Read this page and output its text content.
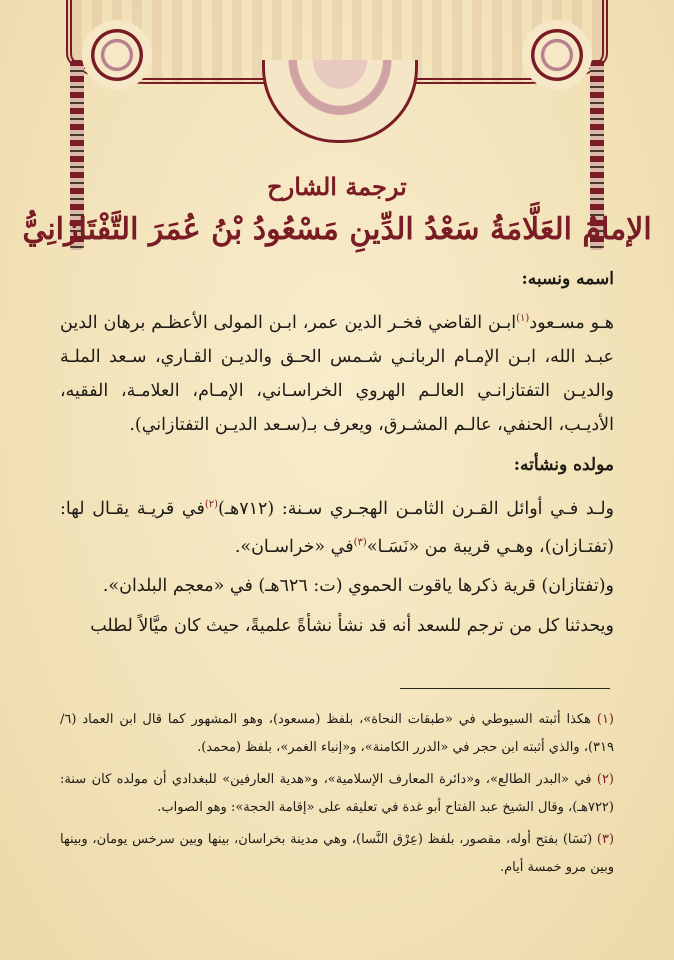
ترجمة الشارح
الإمامُ العَلَّامَةُ سَعْدُ الدِّينِ مَسْعُودُ بْنُ عُمَرَ التَّفْتَازَانِيُّ
اسمه ونسبه:

هـو مسـعود$^{(١)}$ابـن القاضي فخـر الدين عمر، ابـن المولى الأعظـم برهان الدين عبـد الله، ابـن الإمـام الربانـي شـمس الحـق والديـن القـاري، سـعد الملـة والديـن التفتازانـي العالـم الهروي الخراسـاني، الإمـام، العلامـة، الفقيه، الأديـب، الحنفي، عالـم المشـرق، ويعرف بـ(سـعد الديـن التفتازاني).

مولده ونشأته:

ولـد فـي أوائل القـرن الثامـن الهجـري سـنة: (٧١٢هـ)$^{(٢)}$في قريـة يقـال لها: (تفتـازان)، وهـي قريبة من «نَسَـا»$^{(٣)}$في «خراسـان».

و(تفتازان) قرية ذكرها ياقوت الحموي (ت: ٦٢٦هـ) في «معجم البلدان».

ويحدثنا كل من ترجم للسعد أنه قد نشأ نشأةً علميةً، حيث كان ميَّالاً لطلب

(١) هكذا أثبته السيوطي في «طبقات النحاة»، بلفظ (مسعود)، وهو المشهور كما قال ابن العماد (٦/ ٣١٩)، والذي أثبته ابن حجر في «الدرر الكامنة»، و«إنباء الغمر»، بلفظ (محمد).

(٢) في «البدر الطالع»، و«دائرة المعارف الإسلامية»، و«هدية العارفين» للبغدادي أن مولده كان سنة: (٧٢٢هـ)، وقال الشيخ عبد الفتاح أبو غدة في تعليقه على «إقامة الحجة»: وهو الصواب.

(٣) (نَسَا) بفتح أوله، مقصور، بلفظ (عِرْق النَّسا)، وهي مدينة بخراسان، بينها وبين سرخس يومان، وبينها وبين مرو خمسة أيام.
